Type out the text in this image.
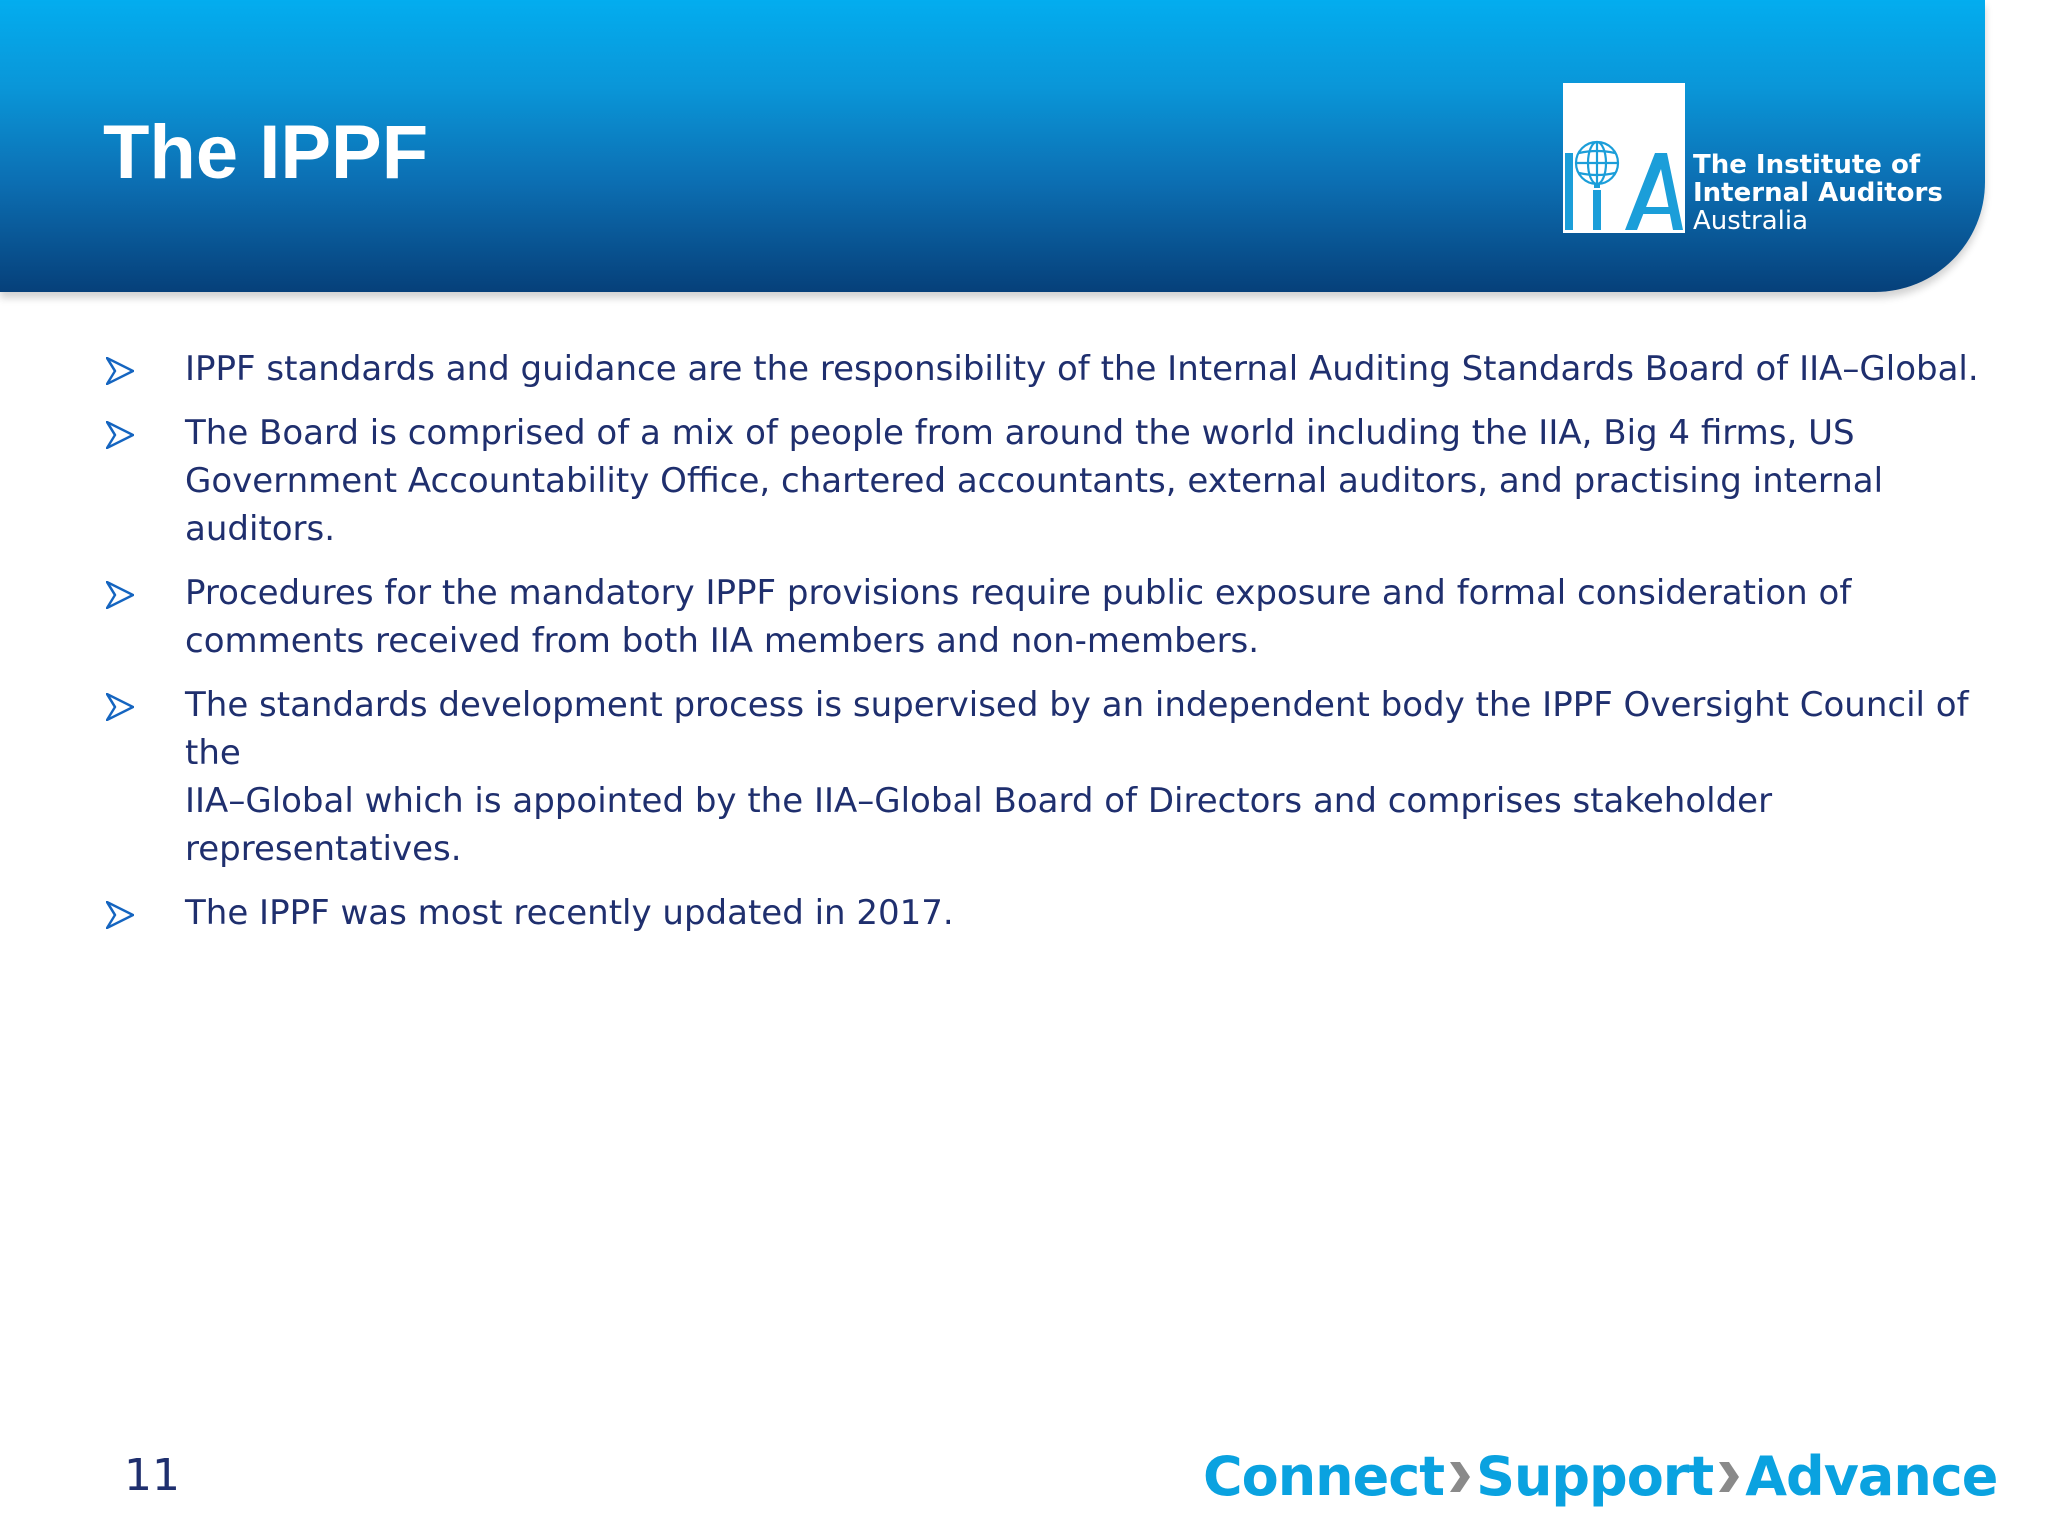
The IPPF	The Institute of
Internal Auditors
Australia
IPPF standards and guidance are the responsibility of the Internal Auditing Standards Board of IIA–Global.
The Board is comprised of a mix of people from around the world including the IIA, Big 4 firms, US
Government Accountability Office, chartered accountants, external auditors, and practising internal auditors.
Procedures for the mandatory IPPF provisions require public exposure and formal consideration of
comments received from both IIA members and non-members.
The standards development process is supervised by an independent body the IPPF Oversight Council of the
IIA–Global which is appointed by the IIA–Global Board of Directors and comprises stakeholder
representatives.
The IPPF was most recently updated in 2017.
11	Connect Support Advance
